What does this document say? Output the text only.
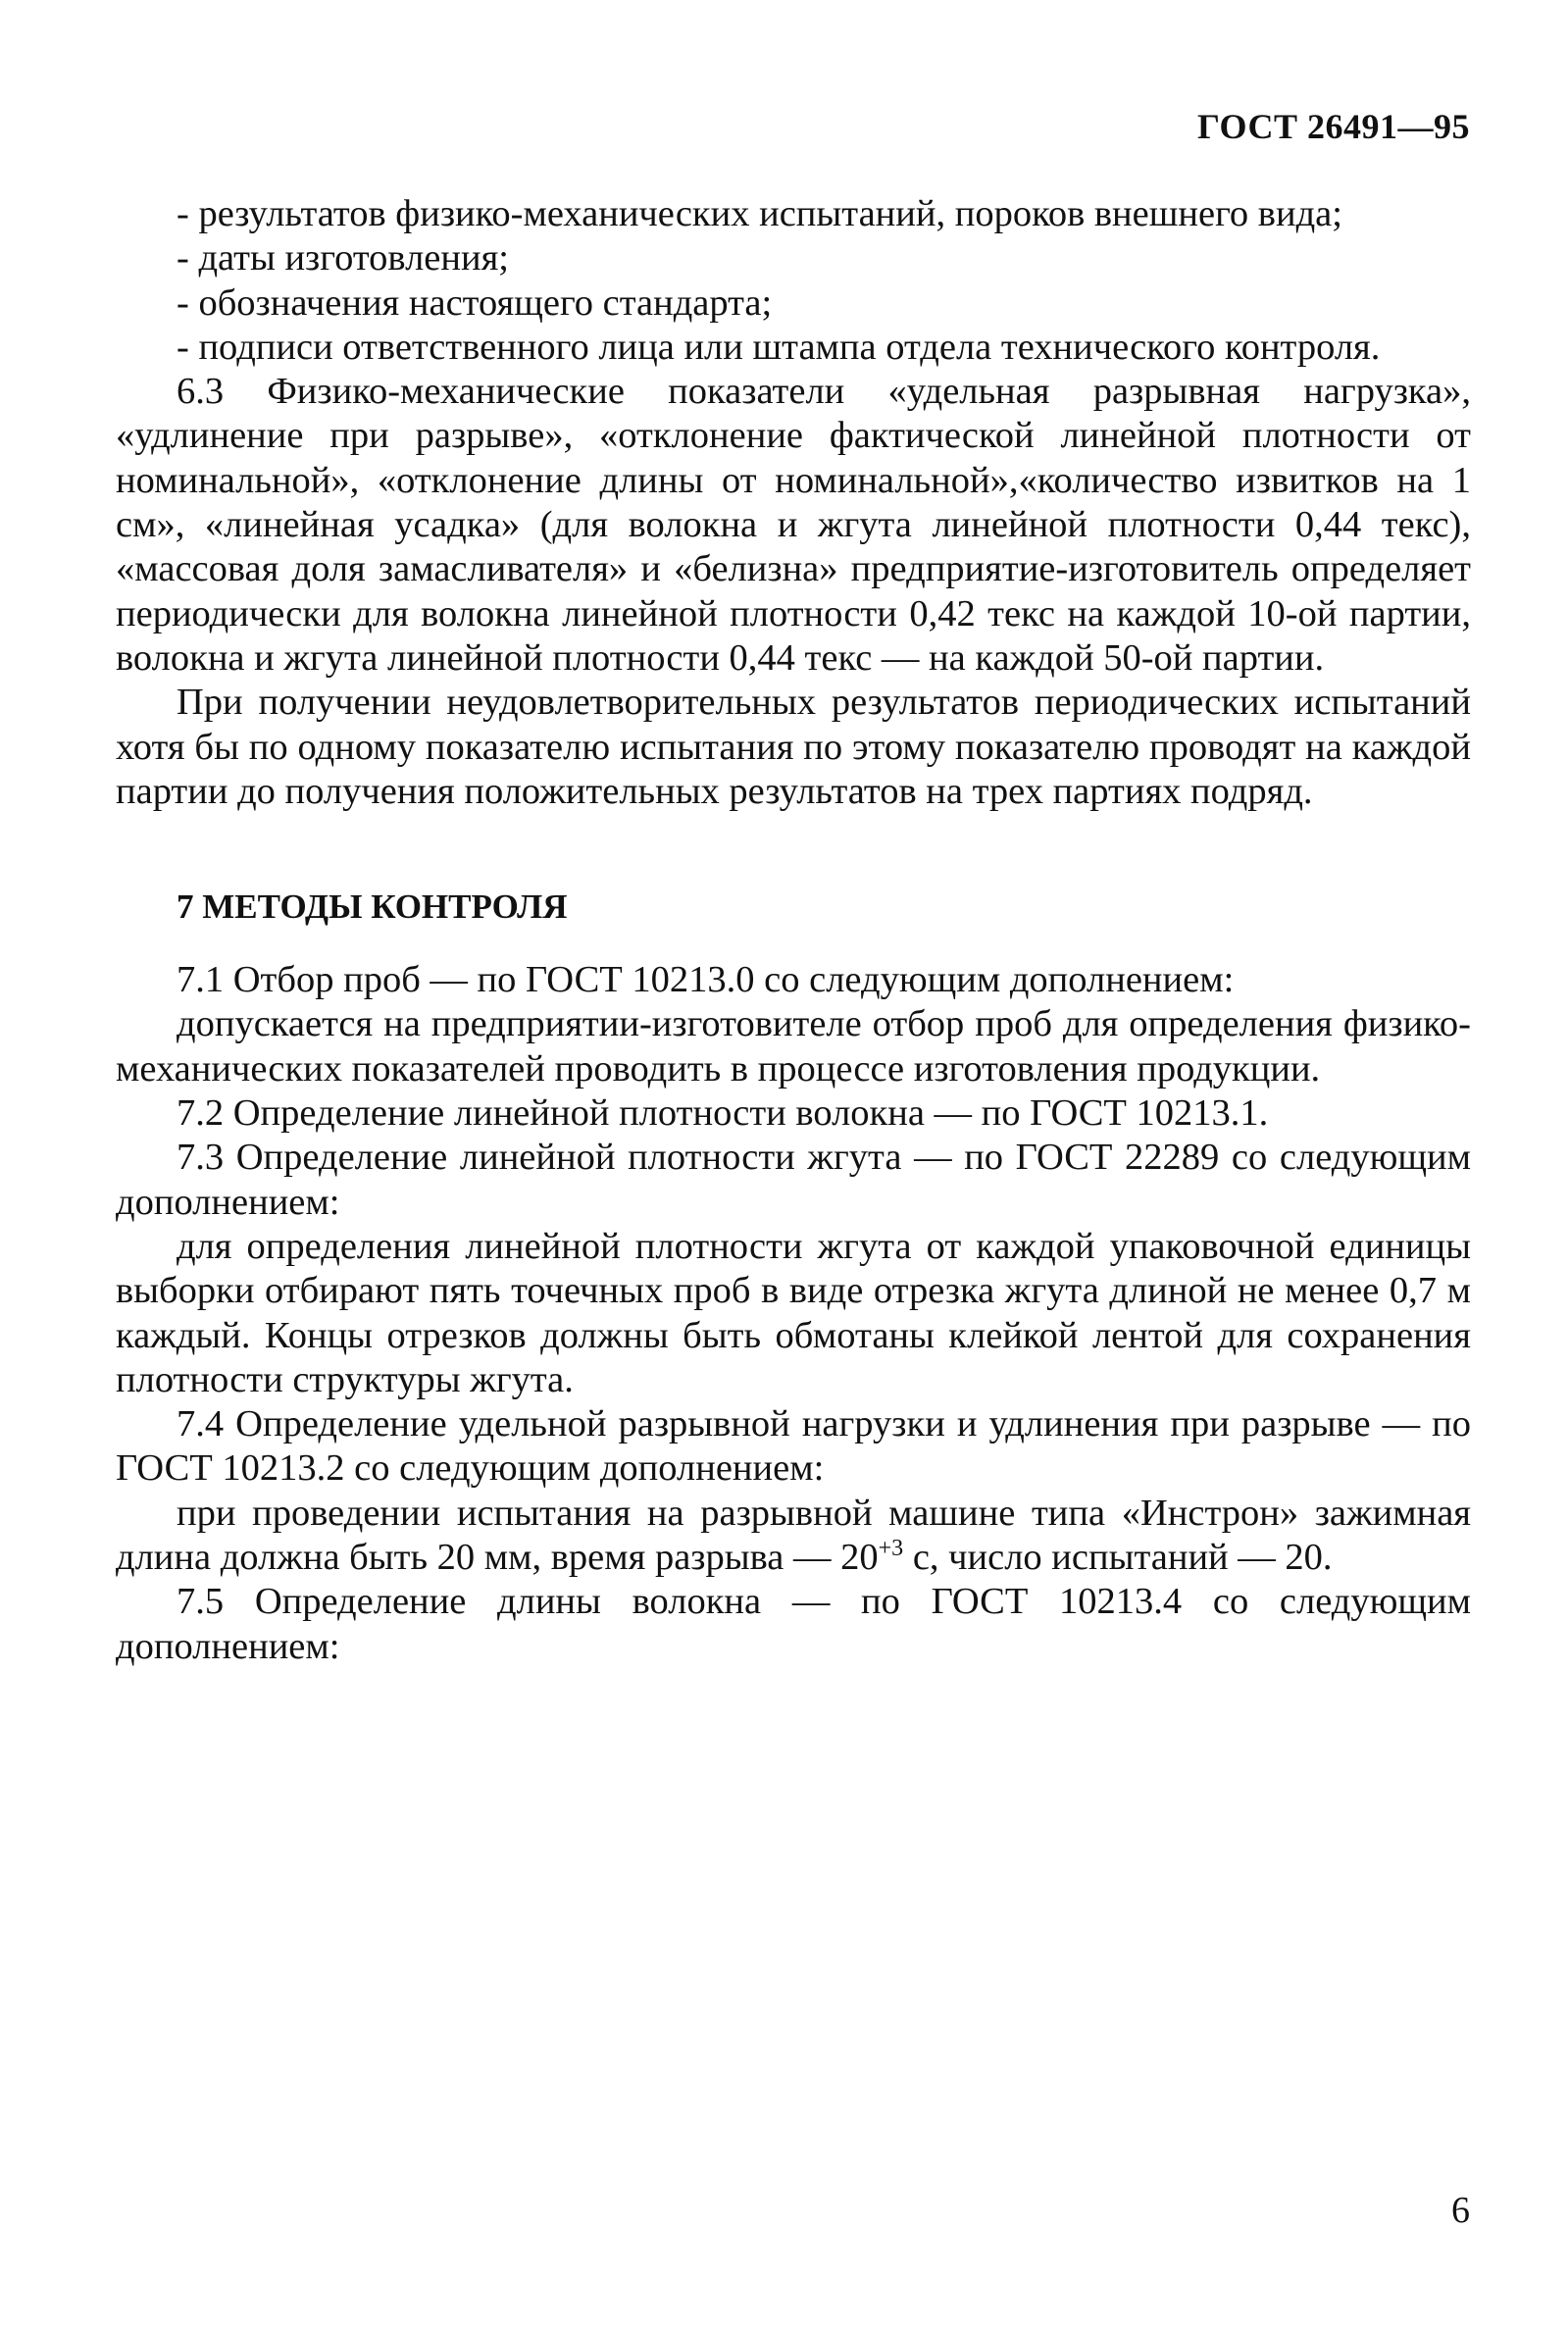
ГОСТ 26491—95

- результатов физико-механических испытаний, пороков внешнего вида;

- даты изготовления;

- обозначения настоящего стандарта;

- подписи ответственного лица или штампа отдела технического контроля.

6.3 Физико-механические показатели «удельная разрывная нагрузка», «удлинение при разрыве», «отклонение фактической линейной плотности от номинальной», «отклонение длины от номинальной»,«количество извитков на 1 см», «линейная усадка» (для волокна и жгута линейной плотности 0,44 текс), «массовая доля замасливателя» и «белизна» предприятие-изготовитель определяет периодически для волокна линейной плотности 0,42 текс на каждой 10-ой партии, волокна и жгута линейной плотности 0,44 текс — на каждой 50-ой партии.

При получении неудовлетворительных результатов периодических испытаний хотя бы по одному показателю испытания по этому показателю проводят на каждой партии до получения положительных результатов на трех партиях подряд.

7 МЕТОДЫ КОНТРОЛЯ

7.1 Отбор проб — по ГОСТ 10213.0 со следующим дополнением:

допускается на предприятии-изготовителе отбор проб для определения физико-механических показателей проводить в процессе изготовления продукции.

7.2 Определение линейной плотности волокна — по ГОСТ 10213.1.

7.3 Определение линейной плотности жгута — по ГОСТ 22289 со следующим дополнением:

для определения линейной плотности жгута от каждой упаковочной единицы выборки отбирают пять точечных проб в виде отрезка жгута длиной не менее 0,7 м каждый. Концы отрезков должны быть обмотаны клейкой лентой для сохранения плотности структуры жгута.

7.4 Определение удельной разрывной нагрузки и удлинения при разрыве — по ГОСТ 10213.2 со следующим дополнением:

при проведении испытания на разрывной машине типа «Инстрон» зажимная длина должна быть 20 мм, время разрыва — $20^{+3}$ с, число испытаний — 20.

7.5 Определение длины волокна — по ГОСТ 10213.4 со следующим дополнением:

6
